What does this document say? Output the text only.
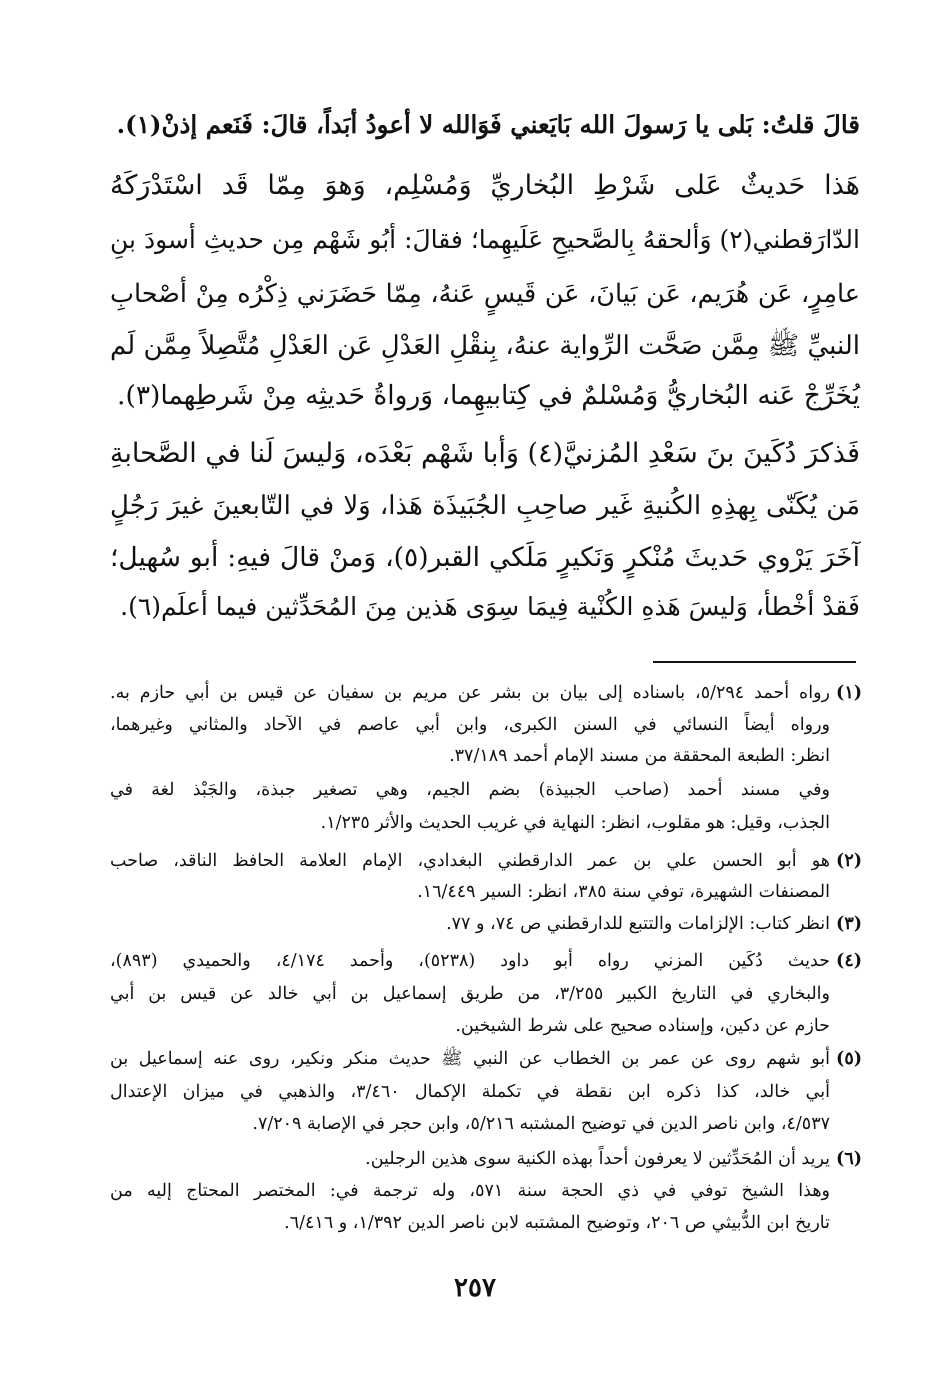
قالَ قلتُ: بَلى يا رَسولَ الله بَايَعني فَوَالله لا أعودُ أبَداً، قالَ: فَنَعم إذنْ(١).
هَذا حَديثٌ عَلى شَرْطِ البُخاريِّ وَمُسْلِم، وَهوَ مِمّا قَد اسْتَدْرَكَهُ
الدّارَقطني(٢) وَألحقهُ بِالصَّحيحِ عَلَيهِما؛ فقالَ: أبُو شَهْم مِن حديثِ أسودَ بنِ
عامِرٍ، عَن هُرَيم، عَن بَيانَ، عَن قَيسٍ عَنهُ، مِمّا حَضَرَني ذِكْرُه مِنْ أصْحابِ
النبيِّ ﷺ مِمَّن صَحَّت الرِّواية عنهُ، بِنقْلِ العَدْلِ عَن العَدْلِ مُتَّصِلاً مِمَّن لَم
يُخَرِّجْ عَنه البُخاريُّ وَمُسْلمٌ في كِتابيهِما، وَرواةُ حَديثِه مِنْ شَرطِهما(٣).
فَذكرَ دُكَينَ بنَ سَعْدِ المُزنيَّ(٤) وَأبا شَهْم بَعْدَه، وَليسَ لَنا في الصَّحابةِ
مَن يُكَنّى بِهذِهِ الكُنيةِ غَير صاحِبِ الجُبَيذَة هَذا، وَلا في التّابعينَ غيرَ رَجُلٍ
آخَرَ يَرْوي حَديثَ مُنْكرٍ وَنَكيرٍ مَلَكي القبر(٥)، وَمنْ قالَ فيهِ: أبو سُهيل؛
فَقدْ أخْطأ، وَليسَ هَذهِ الكُنْية فِيمَا سِوَى هَذين مِنَ المُحَدِّثين فيما أعلَم(٦).
(١)
رواه أحمد ٥/٢٩٤، باسناده إلى بيان بن بشر عن مريم بن سفيان عن قيس بن أبي حازم به.
ورواه أيضاً النسائي في السنن الكبرى، وابن أبي عاصم في الآحاد والمثاني وغيرهما،
انظر: الطبعة المحققة من مسند الإمام أحمد ٣٧/١٨٩.
وفي مسند أحمد (صاحب الجبيذة) بضم الجيم، وهي تصغير جبذة، والجَبْذ لغة في
الجذب، وقيل: هو مقلوب، انظر: النهاية في غريب الحديث والأثر ١/٢٣٥.
(٢)
هو أبو الحسن علي بن عمر الدارقطني البغدادي، الإمام العلامة الحافظ الناقد، صاحب
المصنفات الشهيرة، توفي سنة ٣٨٥، انظر: السير ١٦/٤٤٩.
(٣)
انظر كتاب: الإلزامات والتتبع للدارقطني ص ٧٤، و ٧٧.
(٤)
حديث دُكَين المزني رواه أبو داود (٥٢٣٨)، وأحمد ٤/١٧٤، والحميدي (٨٩٣)،
والبخاري في التاريخ الكبير ٣/٢٥٥، من طريق إسماعيل بن أبي خالد عن قيس بن أبي
حازم عن دكين، وإسناده صحيح على شرط الشيخين.
(٥)
أبو شهم روى عن عمر بن الخطاب عن النبي ﷺ حديث منكر ونكير، روى عنه إسماعيل بن
أبي خالد، كذا ذكره ابن نقطة في تكملة الإكمال ٣/٤٦٠، والذهبي في ميزان الإعتدال
٤/٥٣٧، وابن ناصر الدين في توضيح المشتبه ٥/٢١٦، وابن حجر في الإصابة ٧/٢٠٩.
(٦)
يريد أن المُحَدِّثين لا يعرفون أحداً بهذه الكنية سوى هذين الرجلين.
وهذا الشيخ توفي في ذي الحجة سنة ٥٧١، وله ترجمة في: المختصر المحتاج إليه من
تاريخ ابن الدُّبيثي ص ٢٠٦، وتوضيح المشتبه لابن ناصر الدين ١/٣٩٢، و ٦/٤١٦.
٢٥٧
